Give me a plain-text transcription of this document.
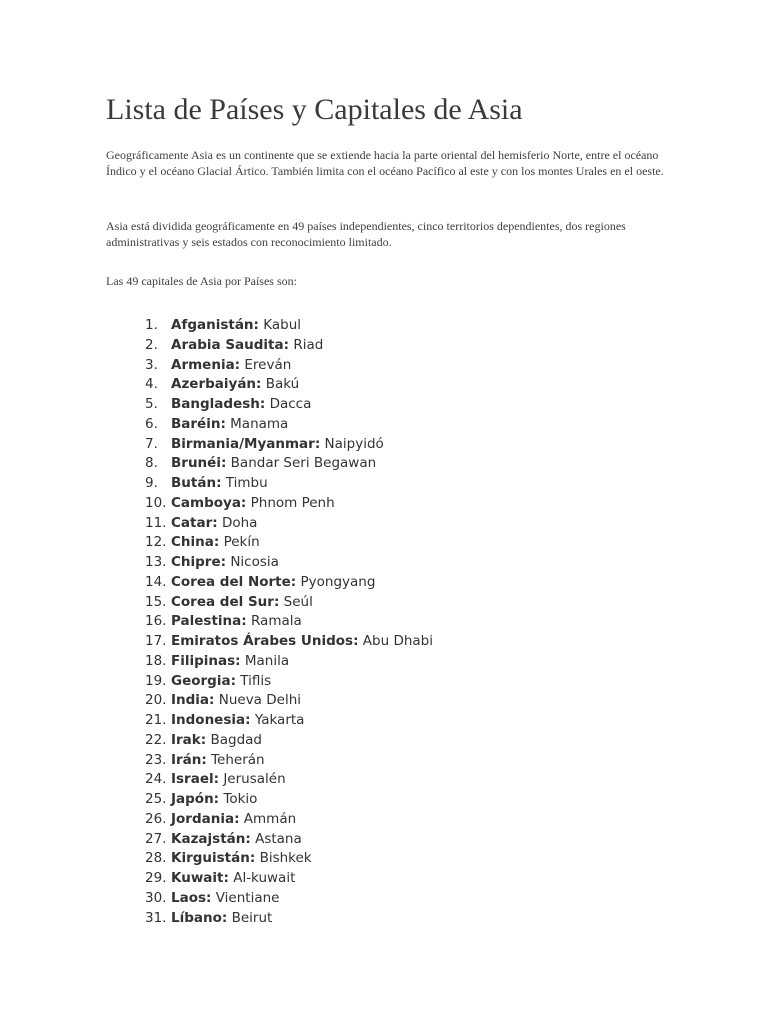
Lista de Países y Capitales de Asia

Geográficamente Asia es un continente que se extiende hacia la parte oriental del hemisferio Norte, entre el océano Índico y el océano Glacial Ártico. También limita con el océano Pacífico al este y con los montes Urales en el oeste.

Asia está dividida geográficamente en 49 países independientes, cinco territorios dependientes, dos regiones administrativas y seis estados con reconocimiento limitado.

Las 49 capitales de Asia por Países son:

1. Afganistán: Kabul
2. Arabia Saudita: Riad
3. Armenia: Ereván
4. Azerbaiyán: Bakú
5. Bangladesh: Dacca
6. Baréin: Manama
7. Birmania/Myanmar: Naipyidó
8. Brunéi: Bandar Seri Begawan
9. Bután: Timbu
10. Camboya: Phnom Penh
11. Catar: Doha
12. China: Pekín
13. Chipre: Nicosia
14. Corea del Norte: Pyongyang
15. Corea del Sur: Seúl
16. Palestina: Ramala
17. Emiratos Árabes Unidos: Abu Dhabi
18. Filipinas: Manila
19. Georgia: Tiflis
20. India: Nueva Delhi
21. Indonesia: Yakarta
22. Irak: Bagdad
23. Irán: Teherán
24. Israel: Jerusalén
25. Japón: Tokio
26. Jordania: Ammán
27. Kazajstán: Astana
28. Kirguistán: Bishkek
29. Kuwait: Al-kuwait
30. Laos: Vientiane
31. Líbano: Beirut
